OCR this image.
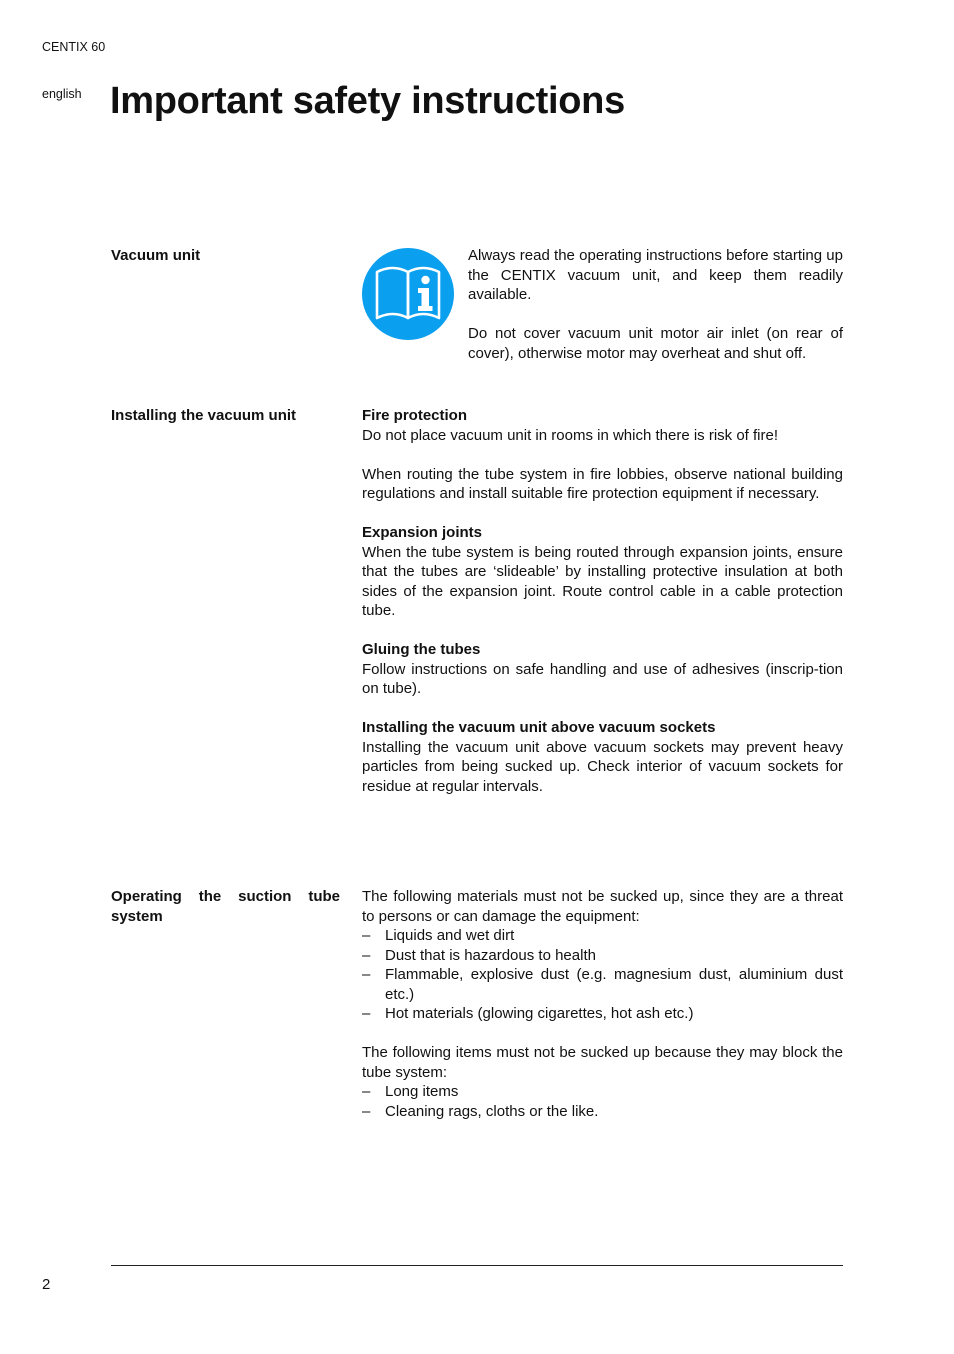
CENTIX 60
english Important safety instructions
Vacuum unit	Always read the operating instructions before starting up the CENTIX vacuum unit, and keep them readily available.

Do not cover vacuum unit motor air inlet (on rear of cover), otherwise motor may overheat and shut off.

Installing the vacuum unit	Fire protection

Do not place vacuum unit in rooms in which there is risk of fire!

When routing the tube system in fire lobbies, observe national building regulations and install suitable fire protection equipment if necessary.

Expansion joints

When the tube system is being routed through expansion joints, ensure that the tubes are ‘slideable’ by installing protective insulation at both sides of the expansion joint. Route control cable in a cable protection tube.

Gluing the tubes

Follow instructions on safe handling and use of adhesives (inscrip-tion on tube).

Installing the vacuum unit above vacuum sockets

Installing the vacuum unit above vacuum sockets may prevent heavy particles from being sucked up. Check interior of vacuum sockets for residue at regular intervals.

Operating the suction tube system

The following materials must not be sucked up, since they are a threat to persons or can damage the equipment:

– Liquids and wet dirt
– Dust that is hazardous to health
– Flammable, explosive dust (e.g. magnesium dust, aluminium dust etc.)
– Hot materials (glowing cigarettes, hot ash etc.)

The following items must not be sucked up because they may block the tube system:

– Long items
– Cleaning rags, cloths or the like.
2
